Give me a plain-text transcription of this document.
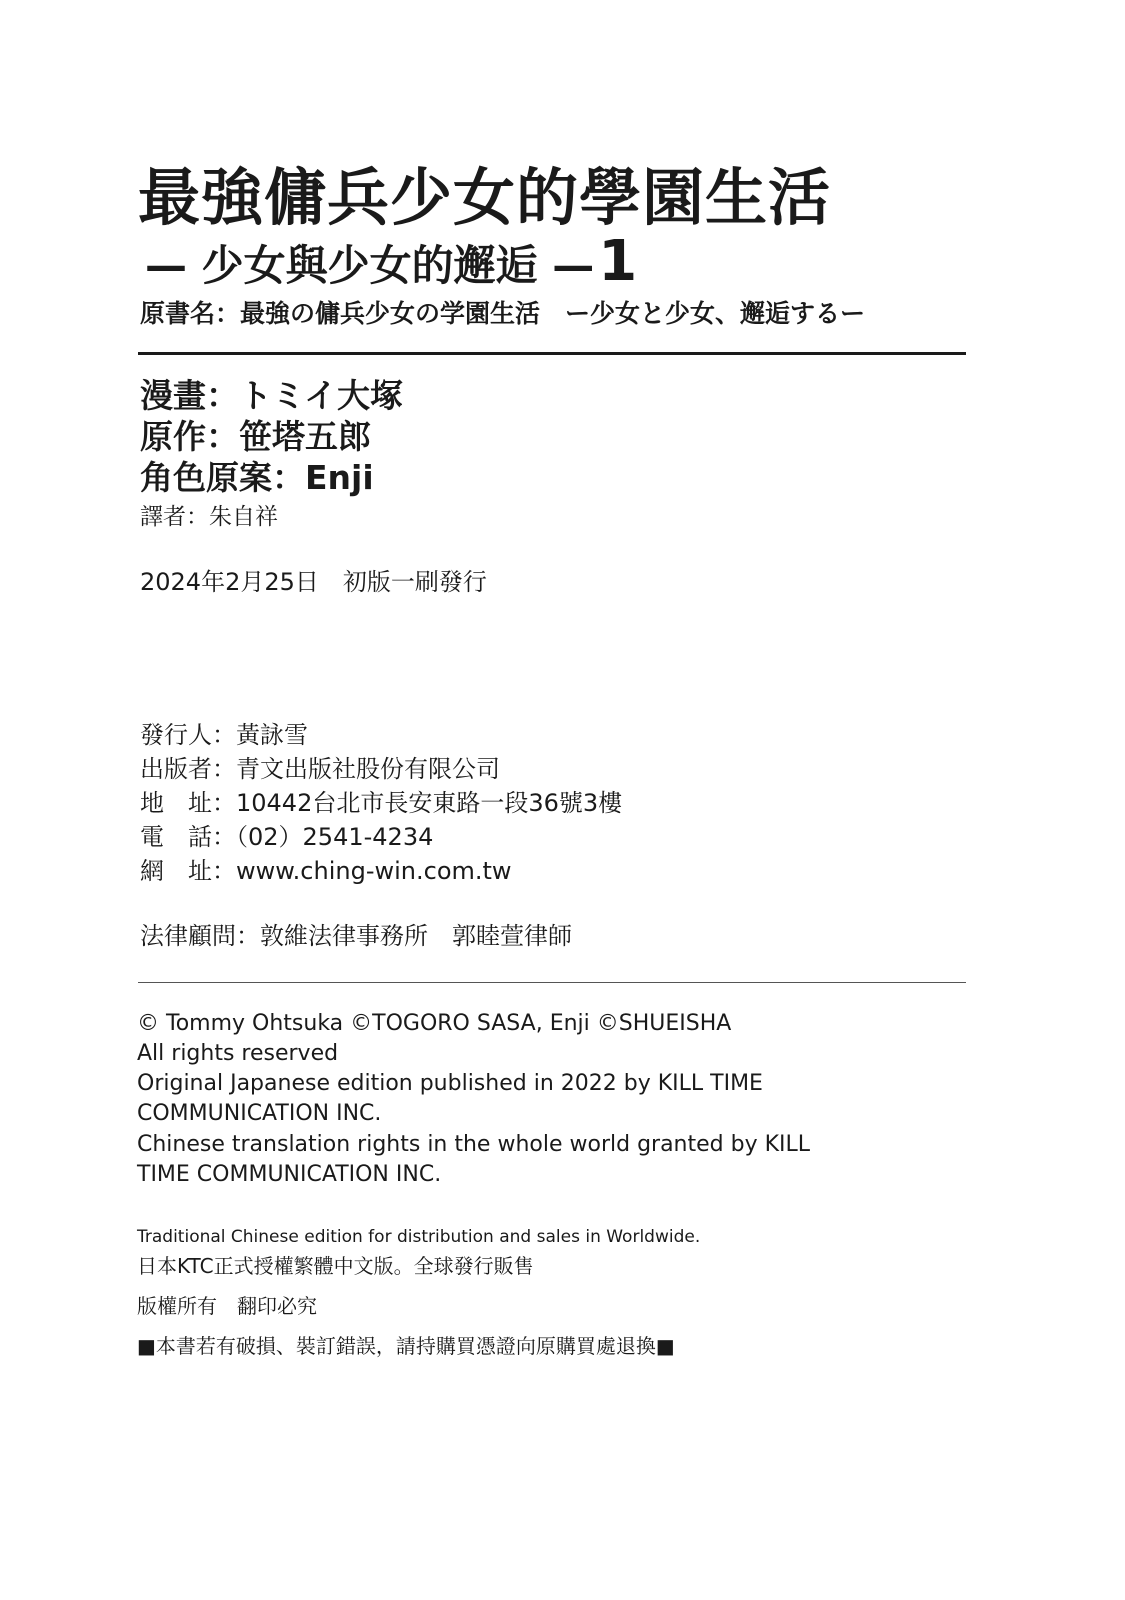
最強傭兵少女的學園生活
— 少女與少女的邂逅 —1
原書名：最強の傭兵少女の学園生活　ー少女と少女、邂逅するー
漫畫：トミイ大塚
原作：笹塔五郎
角色原案：Enji
譯者：朱自祥
2024年2月25日　初版一刷發行
發行人：黃詠雪
出版者：青文出版社股份有限公司
地　址：10442台北市長安東路一段36號3樓
電　話：（02）2541-4234
網　址：www.ching-win.com.tw
法律顧問：敦維法律事務所　郭睦萱律師
© Tommy Ohtsuka ©TOGORO SASA, Enji ©SHUEISHA
All rights reserved
Original Japanese edition published in 2022 by KILL TIME COMMUNICATION INC.
Chinese translation rights in the whole world granted by KILL TIME COMMUNICATION INC.
Traditional Chinese edition for distribution and sales in Worldwide.
日本KTC正式授權繁體中文版。全球發行販售
版權所有　翻印必究
■本書若有破損、裝訂錯誤，請持購買憑證向原購買處退換■
